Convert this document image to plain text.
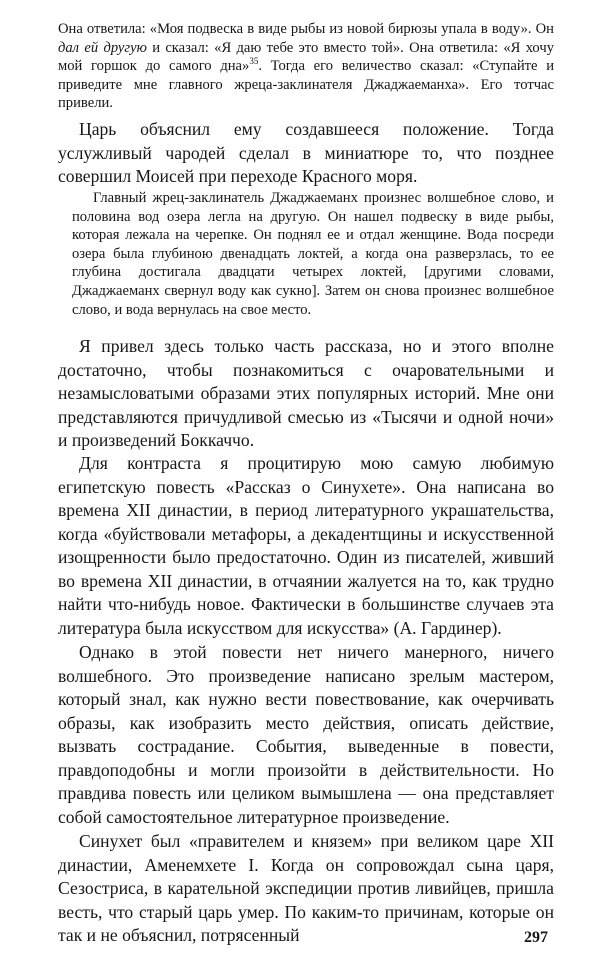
Она ответила: «Моя подвеска в виде рыбы из новой бирюзы упала в воду». Он дал ей другую и сказал: «Я даю тебе это вместо той». Она ответила: «Я хочу мой горшок до самого дна»$^{35}$. Тогда его величество сказал: «Ступайте и приведите мне главного жреца-заклинателя Джаджаеманха». Его тотчас привели.

Царь объяснил ему создавшееся положение. Тогда услужливый чародей сделал в миниатюре то, что позднее совершил Моисей при переходе Красного моря.

Главный жрец-заклинатель Джаджаеманх произнес волшебное слово, и половина вод озера легла на другую. Он нашел подвеску в виде рыбы, которая лежала на черепке. Он поднял ее и отдал женщине. Вода посреди озера была глубиною двенадцать локтей, а когда она разверзлась, то ее глубина достигала двадцати четырех локтей, [другими словами, Джаджаеманх свернул воду как сукно]. Затем он снова произнес волшебное слово, и вода вернулась на свое место.

Я привел здесь только часть рассказа, но и этого вполне достаточно, чтобы познакомиться с очаровательными и незамысловатыми образами этих популярных историй. Мне они представляются причудливой смесью из «Тысячи и одной ночи» и произведений Боккаччо.

Для контраста я процитирую мою самую любимую египетскую повесть «Рассказ о Синухете». Она написана во времена XII династии, в период литературного украшательства, когда «буйствовали метафоры, а декадентщины и искусственной изощренности было предостаточно. Один из писателей, живший во времена XII династии, в отчаянии жалуется на то, как трудно найти что-нибудь новое. Фактически в большинстве случаев эта литература была искусством для искусства» (А. Гардинер).

Однако в этой повести нет ничего манерного, ничего волшебного. Это произведение написано зрелым мастером, который знал, как нужно вести повествование, как очерчивать образы, как изобразить место действия, описать действие, вызвать сострадание. События, выведенные в повести, правдоподобны и могли произойти в действительности. Но правдива повесть или целиком вымышлена — она представляет собой самостоятельное литературное произведение.

Синухет был «правителем и князем» при великом царе XII династии, Аменемхете I. Когда он сопровождал сына царя, Сезостриса, в карательной экспедиции против ливийцев, пришла весть, что старый царь умер. По каким-то причинам, которые он так и не объяснил, потрясенный	297
